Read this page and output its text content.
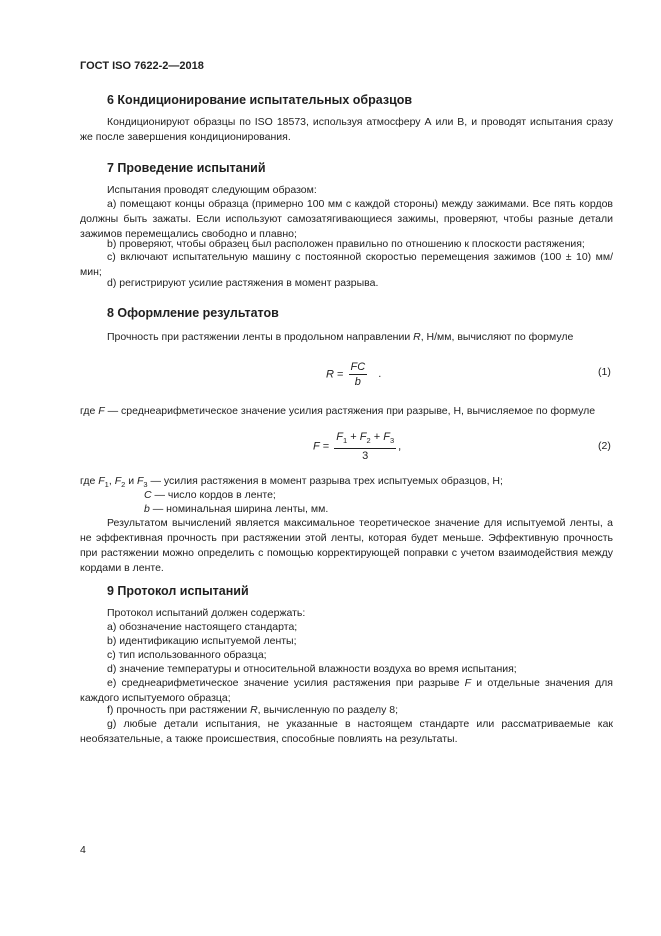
ГОСТ ISO 7622-2—2018
6 Кондиционирование испытательных образцов
Кондиционируют образцы по ISO 18573, используя атмосферу А или В, и проводят испытания сразу же после завершения кондиционирования.
7 Проведение испытаний
Испытания проводят следующим образом:
а) помещают концы образца (примерно 100 мм с каждой стороны) между зажимами. Все пять кордов должны быть зажаты. Если используют самозатягивающиеся зажимы, проверяют, чтобы разные детали зажимов перемещались свободно и плавно;
b) проверяют, чтобы образец был расположен правильно по отношению к плоскости растяжения;
с) включают испытательную машину с постоянной скоростью перемещения зажимов (100 ± 10) мм/мин;
d) регистрируют усилие растяжения в момент разрыва.
8 Оформление результатов
Прочность при растяжении ленты в продольном направлении R, Н/мм, вычисляют по формуле
$R = \frac{FC}{b}$ .	(1)
где F — среднеарифметическое значение усилия растяжения при разрыве, Н, вычисляемое по формуле
$F = \frac{F_1 + F_2 + F_3}{3}$ ,	(2)
где $F_1$, $F_2$ и $F_3$ — усилия растяжения в момент разрыва трех испытуемых образцов, Н;
С — число кордов в ленте;
b — номинальная ширина ленты, мм.
Результатом вычислений является максимальное теоретическое значение для испытуемой ленты, а не эффективная прочность при растяжении этой ленты, которая будет меньше. Эффективную прочность при растяжении можно определить с помощью корректирующей поправки с учетом взаимодействия между кордами в ленте.
9 Протокол испытаний
Протокол испытаний должен содержать:
а) обозначение настоящего стандарта;
b) идентификацию испытуемой ленты;
с) тип использованного образца;
d) значение температуры и относительной влажности воздуха во время испытания;
е) среднеарифметическое значение усилия растяжения при разрыве F и отдельные значения для каждого испытуемого образца;
f) прочность при растяжении R, вычисленную по разделу 8;
g) любые детали испытания, не указанные в настоящем стандарте или рассматриваемые как необязательные, а также происшествия, способные повлиять на результаты.
4
